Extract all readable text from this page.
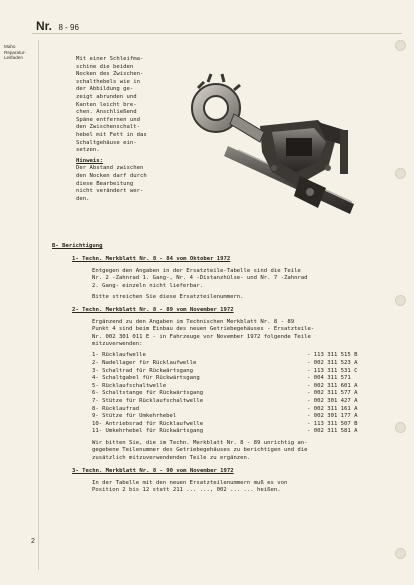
Nr. 8 - 96
Maho
Reparatur-
Leitfaden	Mit einer Schleifma-
schine die beiden
Nocken des Zwischen-
schalthebels wie in
der Abbildung ge-
zeigt abrunden und
Kanten leicht bre-
chen. Anschließend
Späne entfernen und
den Zwischenschalt-
hebel mit Fett in das
Schaltgehäuse ein-
setzen.
Hinweis:
Der Abstand zwischen
den Nocken darf durch
diese Bearbeitung
nicht verändert wer-
den.
B- Berichtigung
1- Techn. Merkblatt Nr. 8 - 84 vom Oktober 1972
Entgegen den Angaben in der Ersatzteile-Tabelle sind die Teile
Nr. 2 -Zahnrad 1. Gang-, Nr. 4 -Distanzhülse- und Nr. 7 -Zahnrad
2. Gang- einzeln nicht lieferbar.
Bitte streichen Sie diese Ersatzteilenummern.
2- Techn. Merkblatt Nr. 8 - 89 vom November 1972
Ergänzend zu den Angaben im Technischen Merkblatt Nr. 8 - 89
Punkt 4 sind beim Einbau des neuen Getriebegehäuses - Ersatzteile-
Nr. 002 301 011 E - in Fahrzeuge vor November 1972 folgende Teile
mitzuverwenden:
1- Rücklaufwelle	- 113 311 515 B
2- Nadellager für Rücklaufwelle	- 002 311 523 A
3- Schaltrad für Rückwärtsgang	- 113 311 531 C
4- Schaltgabel für Rückwärtsgang	- 004 311 571
5- Rücklaufschaltwelle	- 002 311 601 A
6- Schaltstange für Rückwärtsgang	- 002 311 577 A
7- Stütze für Rücklaufschaltwelle	- 002 301 427 A
8- Rücklaufrad	- 002 311 161 A
9- Stütze für Umkehrhebel	- 002 301 177 A
10- Antriebsrad für Rücklaufwelle	- 113 311 507 B
11- Umkehrhebel für Rückwärtsgang	- 002 311 581 A
Wir bitten Sie, die im Techn. Merkblatt Nr. 8 - 89 unrichtig an-
gegebene Teilenummer des Getriebegehäuses zu berichtigen und die
zusätzlich mitzuverwendenden Teile zu ergänzen.
3- Techn. Merkblatt Nr. 8 - 90 vom November 1972
In der Tabelle mit den neuen Ersatzteilenummern muß es von
Position 2 bis 12 statt 211 ... ..., 002 ... ... heißen.
2
